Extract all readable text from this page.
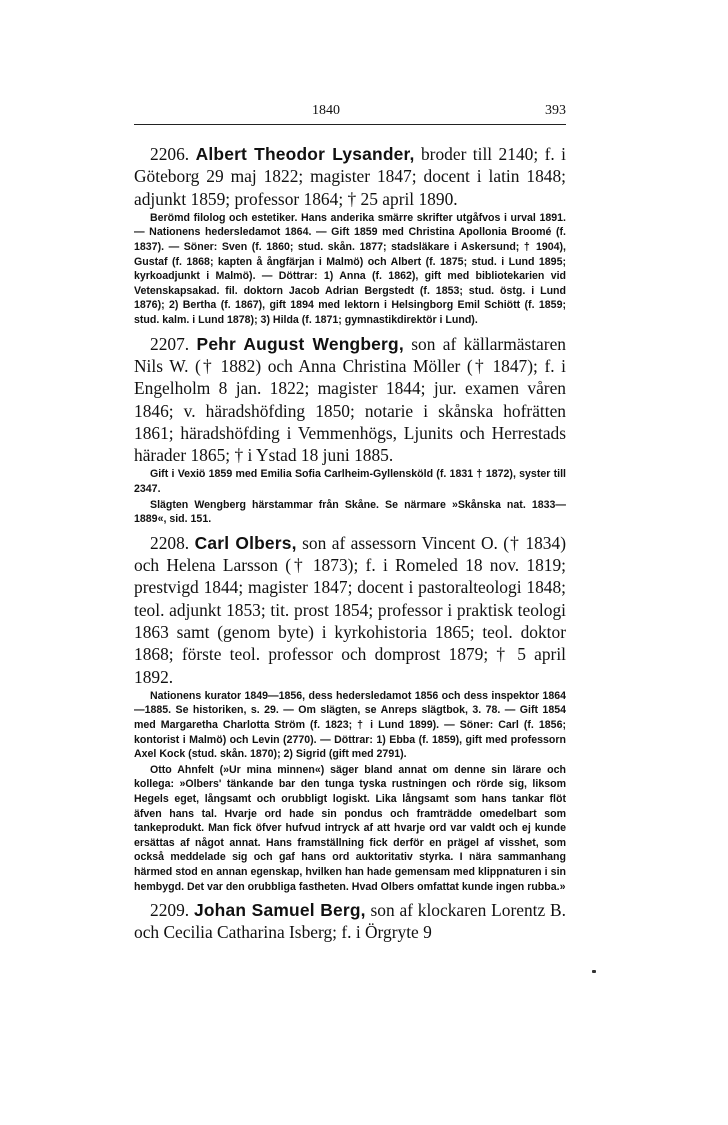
1840	393

2206. Albert Theodor Lysander, broder till 2140; f. i Göteborg 29 maj 1822; magister 1847; docent i latin 1848; adjunkt 1859; professor 1864; † 25 april 1890.

Berömd filolog och estetiker. Hans anderika smärre skrifter utgåfvos i urval 1891. — Nationens hedersledamot 1864. — Gift 1859 med Christina Apollonia Broomé (f. 1837). — Söner: Sven (f. 1860; stud. skån. 1877; stadsläkare i Askersund; † 1904), Gustaf (f. 1868; kapten å ångfärjan i Malmö) och Albert (f. 1875; stud. i Lund 1895; kyrkoadjunkt i Malmö). — Döttrar: 1) Anna (f. 1862), gift med bibliotekarien vid Vetenskapsakad. fil. doktorn Jacob Adrian Bergstedt (f. 1853; stud. östg. i Lund 1876); 2) Bertha (f. 1867), gift 1894 med lektorn i Helsingborg Emil Schiött (f. 1859; stud. kalm. i Lund 1878); 3) Hilda (f. 1871; gymnastikdirektör i Lund).

2207. Pehr August Wengberg, son af källarmästaren Nils W. († 1882) och Anna Christina Möller († 1847); f. i Engelholm 8 jan. 1822; magister 1844; jur. examen våren 1846; v. häradshöfding 1850; notarie i skånska hofrätten 1861; häradshöfding i Vemmenhögs, Ljunits och Herrestads härader 1865; † i Ystad 18 juni 1885.

Gift i Vexiö 1859 med Emilia Sofia Carlheim-Gyllensköld (f. 1831 † 1872), syster till 2347.

Slägten Wengberg härstammar från Skåne. Se närmare »Skånska nat. 1833—1889«, sid. 151.

2208. Carl Olbers, son af assessorn Vincent O. († 1834) och Helena Larsson († 1873); f. i Romeled 18 nov. 1819; prestvigd 1844; magister 1847; docent i pastoralteologi 1848; teol. adjunkt 1853; tit. prost 1854; professor i praktisk teologi 1863 samt (genom byte) i kyrkohistoria 1865; teol. doktor 1868; förste teol. professor och domprost 1879; † 5 april 1892.

Nationens kurator 1849—1856, dess hedersledamot 1856 och dess inspektor 1864—1885. Se historiken, s. 29. — Om slägten, se Anreps slägtbok, 3. 78. — Gift 1854 med Margaretha Charlotta Ström (f. 1823; † i Lund 1899). — Söner: Carl (f. 1856; kontorist i Malmö) och Levin (2770). — Döttrar: 1) Ebba (f. 1859), gift med professorn Axel Kock (stud. skån. 1870); 2) Sigrid (gift med 2791).

Otto Ahnfelt (»Ur mina minnen«) säger bland annat om denne sin lärare och kollega: »Olbers' tänkande bar den tunga tyska rustningen och rörde sig, liksom Hegels eget, långsamt och orubbligt logiskt. Lika långsamt som hans tankar flöt äfven hans tal. Hvarje ord hade sin pondus och framträdde omedelbart som tankeprodukt. Man fick öfver hufvud intryck af att hvarje ord var valdt och ej kunde ersättas af något annat. Hans framställning fick derför en prägel af visshet, som också meddelade sig och gaf hans ord auktoritativ styrka. I nära sammanhang härmed stod en annan egenskap, hvilken han hade gemensam med klippnaturen i sin hembygd. Det var den orubbliga fastheten. Hvad Olbers omfattat kunde ingen rubba.»

2209. Johan Samuel Berg, son af klockaren Lorentz B. och Cecilia Catharina Isberg; f. i Örgryte 9
